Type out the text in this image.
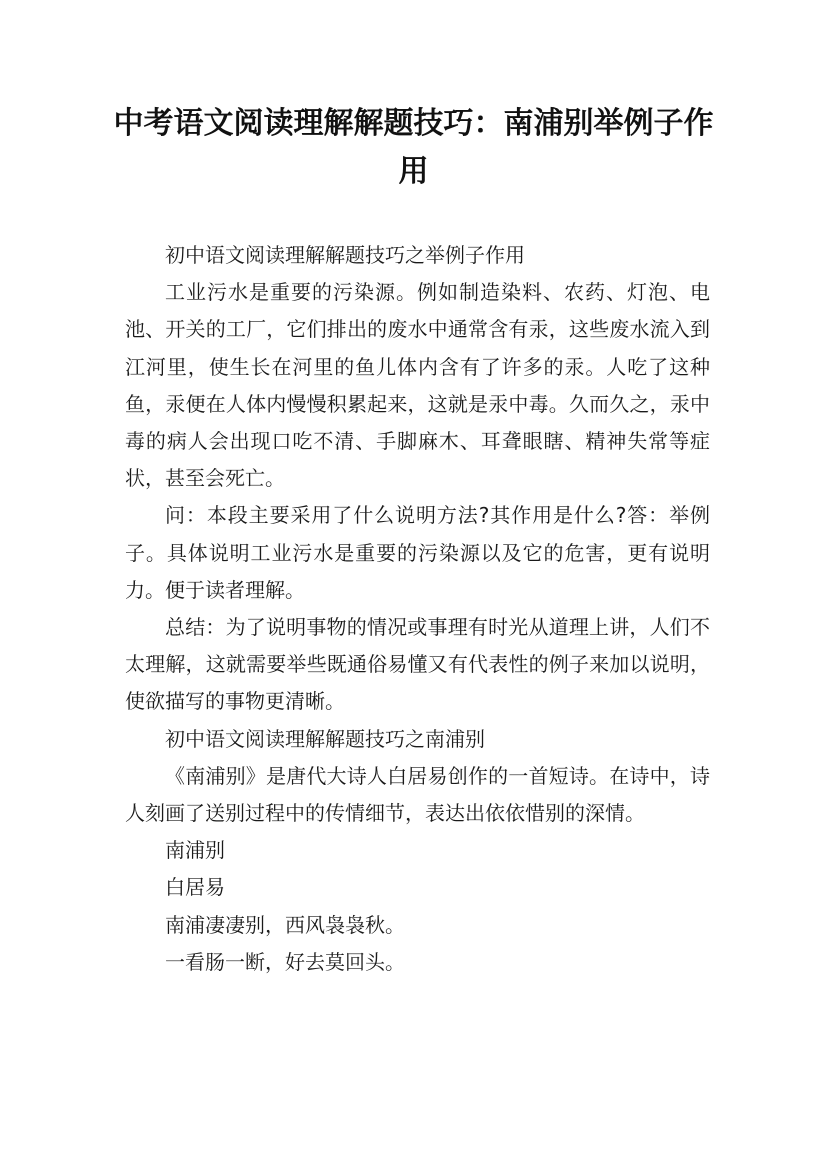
中考语文阅读理解解题技巧：南浦别举例子作用

初中语文阅读理解解题技巧之举例子作用

工业污水是重要的污染源。例如制造染料、农药、灯泡、电池、开关的工厂，它们排出的废水中通常含有汞，这些废水流入到江河里，使生长在河里的鱼儿体内含有了许多的汞。人吃了这种鱼，汞便在人体内慢慢积累起来，这就是汞中毒。久而久之，汞中毒的病人会出现口吃不清、手脚麻木、耳聋眼瞎、精神失常等症状，甚至会死亡。

问：本段主要采用了什么说明方法?其作用是什么?答：举例子。具体说明工业污水是重要的污染源以及它的危害，更有说明力。便于读者理解。

总结：为了说明事物的情况或事理有时光从道理上讲，人们不太理解，这就需要举些既通俗易懂又有代表性的例子来加以说明，使欲描写的事物更清晰。

初中语文阅读理解解题技巧之南浦别

《南浦别》是唐代大诗人白居易创作的一首短诗。在诗中，诗人刻画了送别过程中的传情细节，表达出依依惜别的深情。

南浦别

白居易

南浦凄凄别，西风袅袅秋。

一看肠一断，好去莫回头。
